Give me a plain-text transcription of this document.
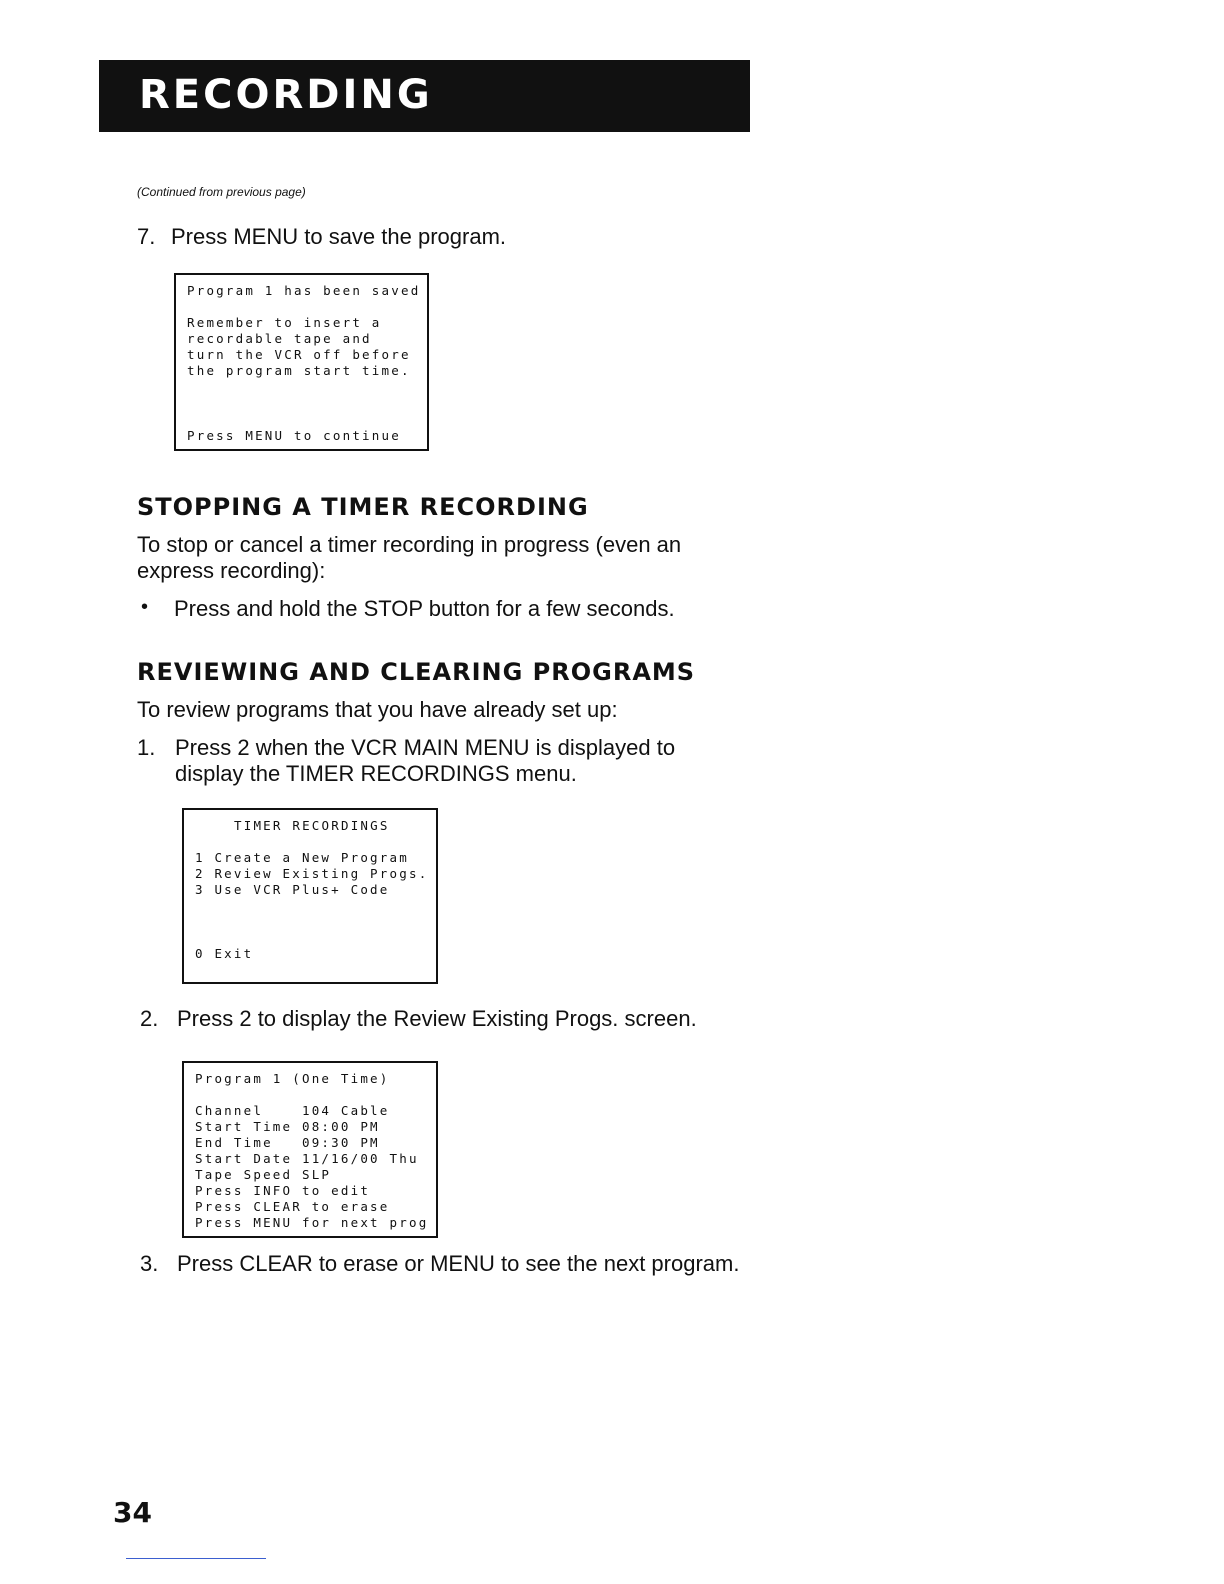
RECORDING
(Continued from previous page)
7. Press MENU to save the program.

Program 1 has been saved

Remember to insert a

recordable tape and

turn the VCR off before

the program start time.

Press MENU to continue

STOPPING A TIMER RECORDING
To stop or cancel a timer recording in progress (even an
express recording):
• Press and hold the STOP button for a few seconds.
REVIEWING AND CLEARING PROGRAMS
To review programs that you have already set up:
1. Press 2 when the VCR MAIN MENU is displayed to
display the TIMER RECORDINGS menu.

TIMER RECORDINGS

1 Create a New Program

2 Review Existing Progs.

3 Use VCR Plus+ Code

0 Exit

2. Press 2 to display the Review Existing Progs. screen.

Program 1 (One Time)

Channel    104 Cable

Start Time 08:00 PM

End Time   09:30 PM

Start Date 11/16/00 Thu

Tape Speed SLP

Press INFO to edit

Press CLEAR to erase

Press MENU for next prog

3. Press CLEAR to erase or MENU to see the next program.
34
